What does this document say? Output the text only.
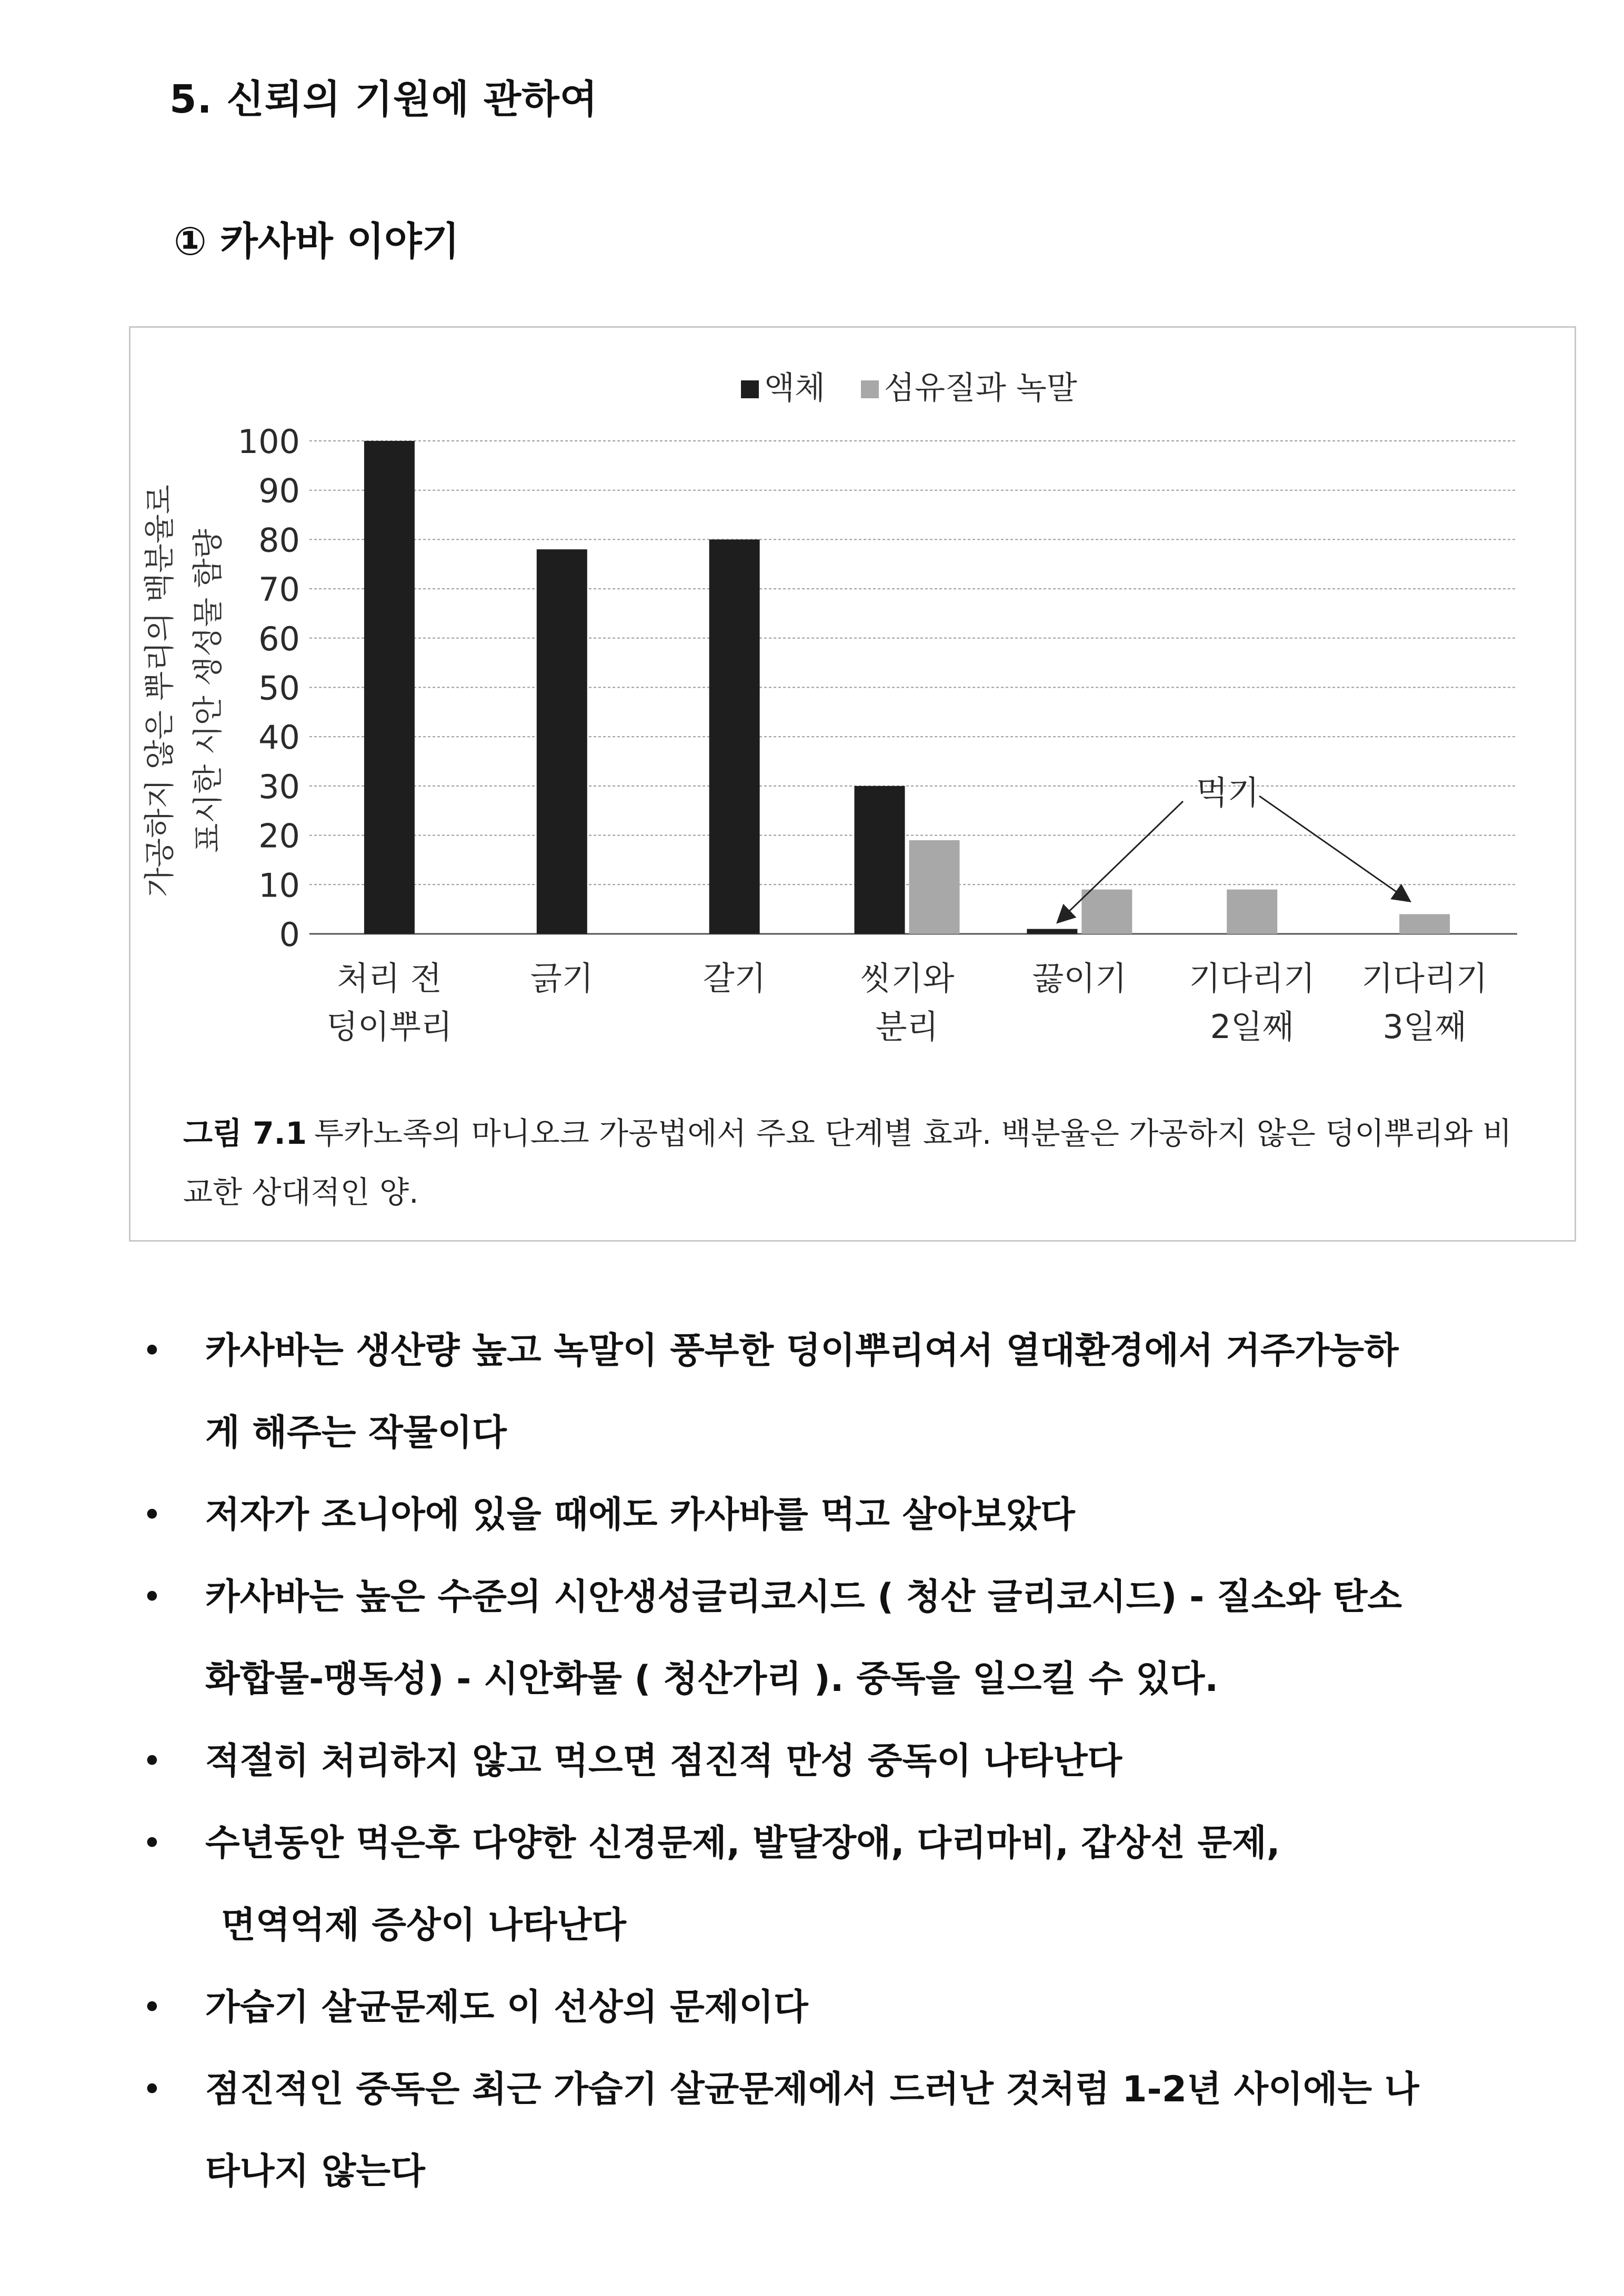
5. 신뢰의 기원에 관하여
① 카사바 이야기
0
10
20
30
40
50
60
70
80
90
100
가공하지 않은 뿌리의 백분율로 표시한 시안 생성물 함량
처리 전
덩이뿌리
긁기	갈기	씻기와
분리
끓이기 기다리기
2일째
기다리기
3일째
액체 섬유질과 녹말
먹기
그림 7.1 투카노족의 마니오크 가공법에서 주요 단계별 효과. 백분율은 가공하지 않은 덩이뿌리와 비교한 상대적인 양.
• 카사바는 생산량 높고 녹말이 풍부한 덩이뿌리여서 열대환경에서 거주가능하
게 해주는 작물이다
• 저자가 조니아에 있을 때에도 카사바를 먹고 살아보았다
• 카사바는 높은 수준의 시안생성글리코시드 ( 청산 글리코시드) - 질소와 탄소
화합물-맹독성) - 시안화물 ( 청산가리 ). 중독을 일으킬 수 있다.
• 적절히 처리하지 않고 먹으면 점진적 만성 중독이 나타난다
• 수년동안 먹은후 다양한 신경문제, 발달장애, 다리마비, 갑상선 문제,
면역억제 증상이 나타난다
• 가습기 살균문제도 이 선상의 문제이다
• 점진적인 중독은 최근 가습기 살균문제에서 드러난 것처럼 1-2년 사이에는 나
타나지 않는다
